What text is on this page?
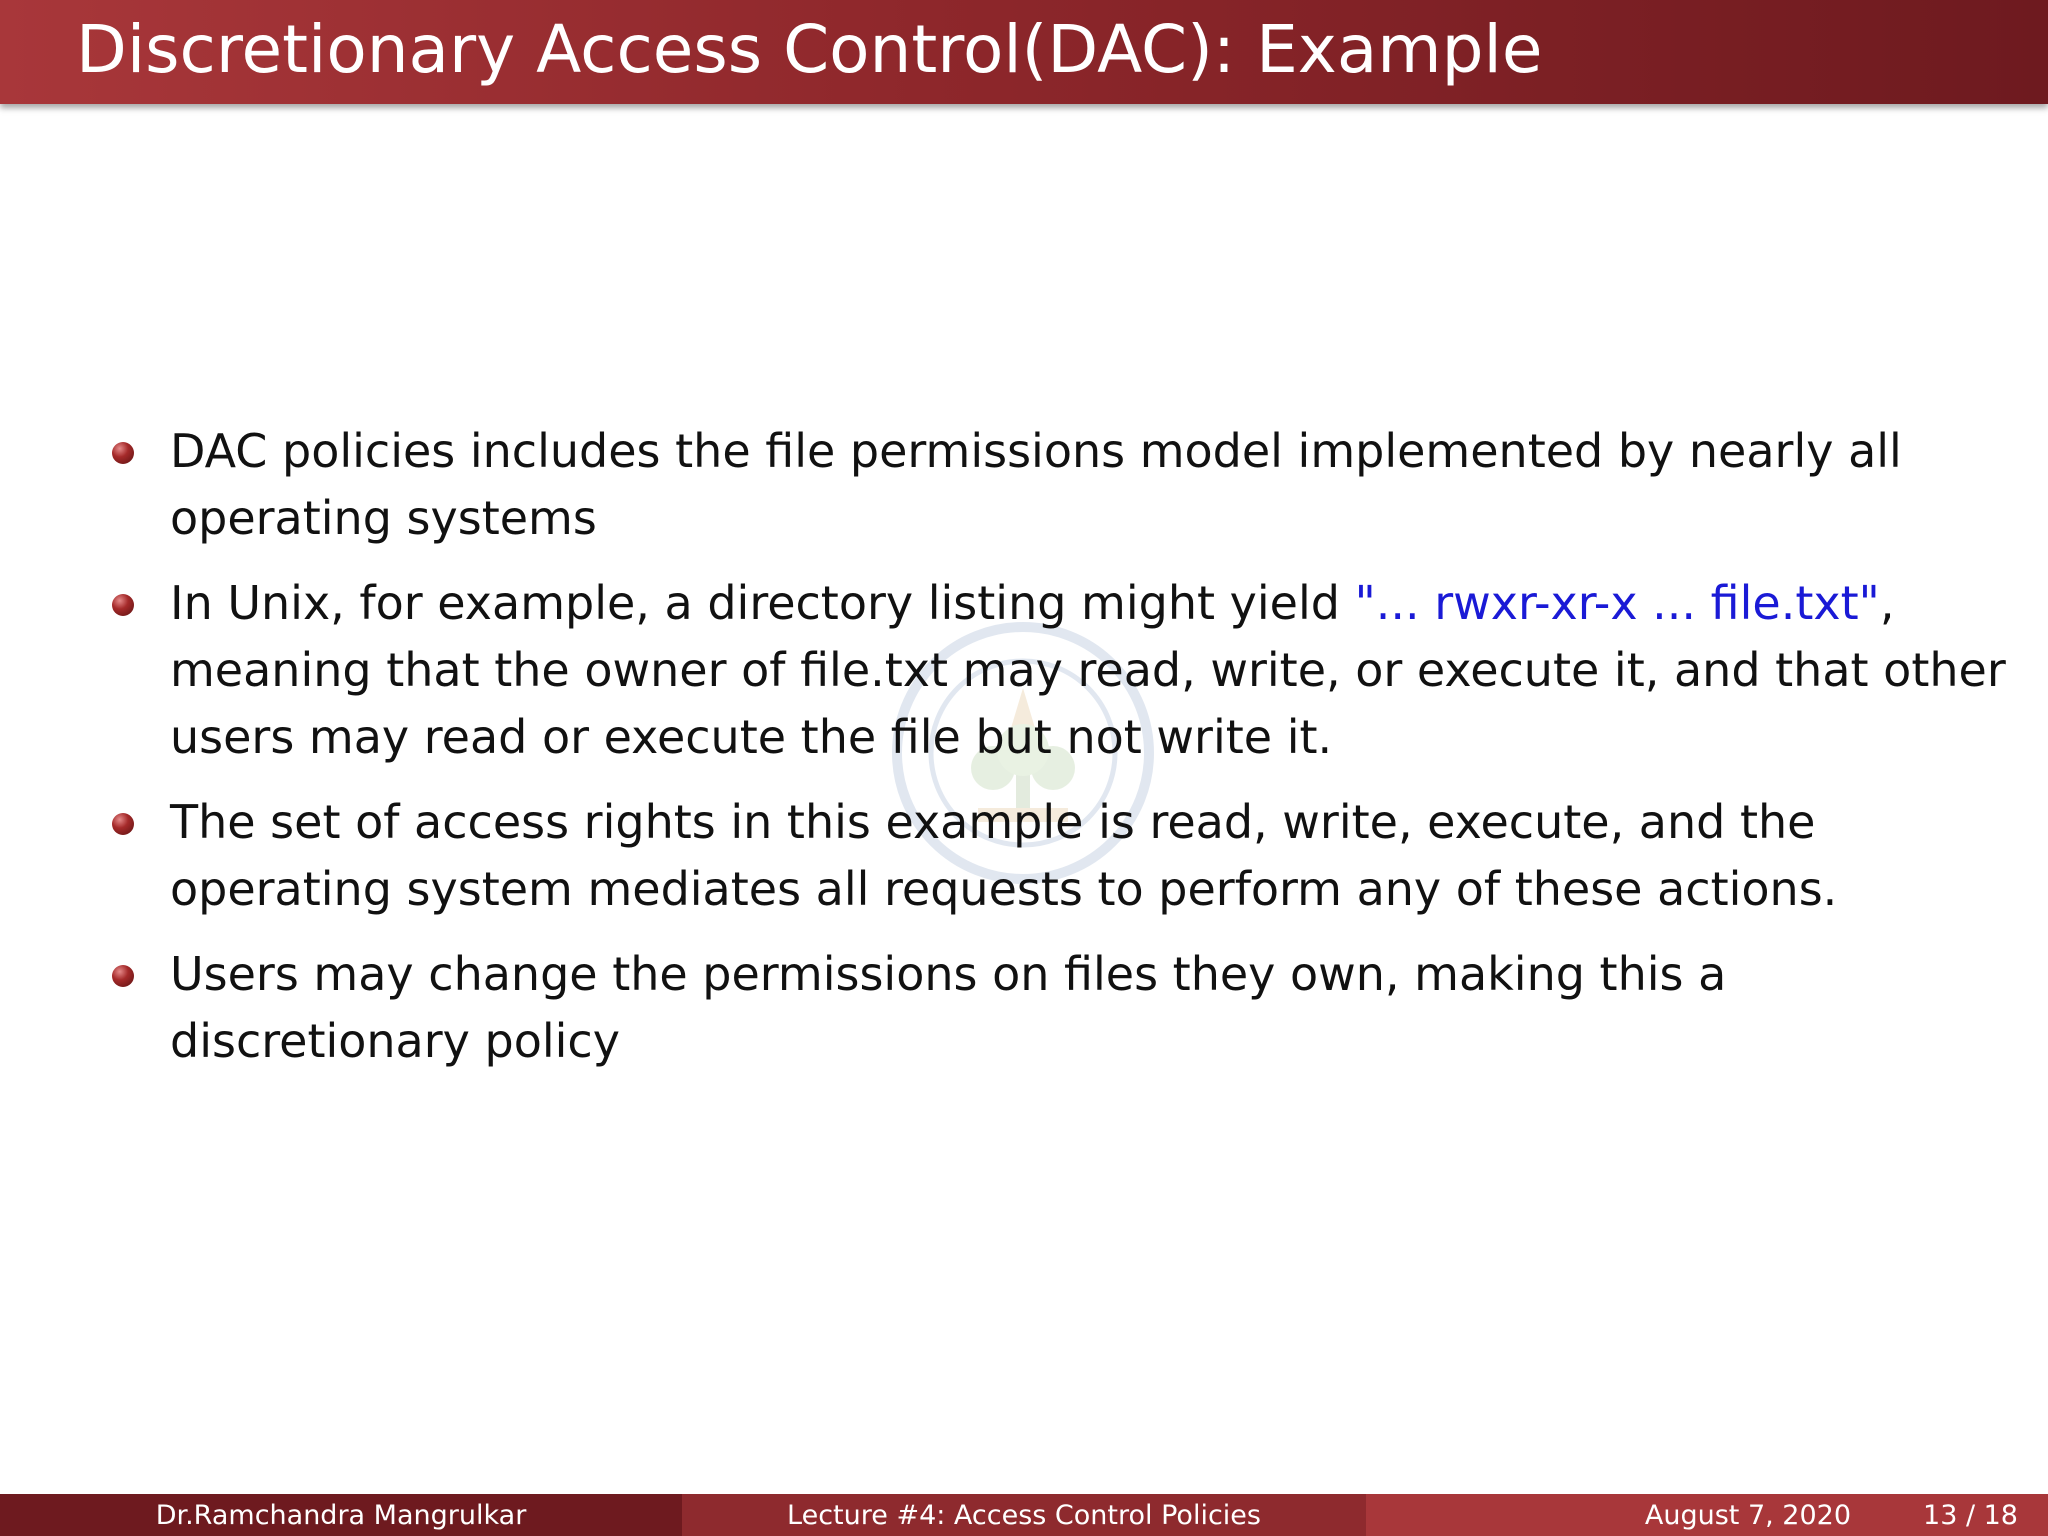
Discretionary Access Control(DAC): Example
DAC policies includes the file permissions model implemented by nearly all operating systems
In Unix, for example, a directory listing might yield "... rwxr-xr-x ... file.txt", meaning that the owner of file.txt may read, write, or execute it, and that other users may read or execute the file but not write it.
The set of access rights in this example is read, write, execute, and the operating system mediates all requests to perform any of these actions.
Users may change the permissions on files they own, making this a discretionary policy
Dr.Ramchandra Mangrulkar	Lecture #4: Access Control Policies	August 7, 2020	13 / 18
